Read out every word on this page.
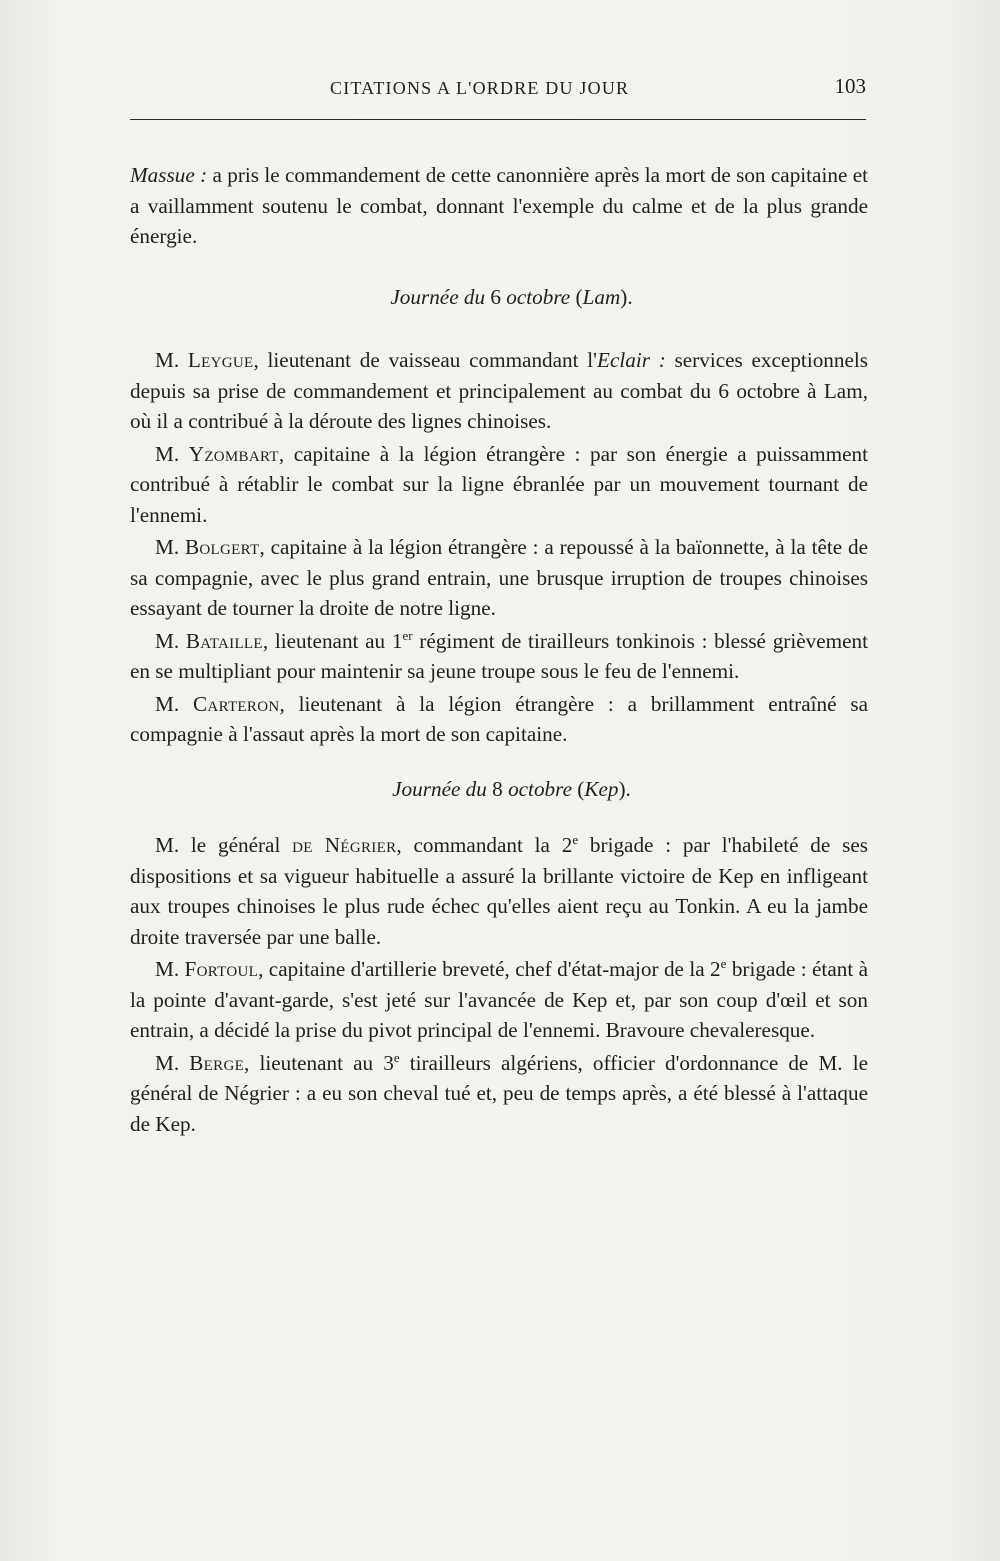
CITATIONS A L'ORDRE DU JOUR	103

Massue : a pris le commandement de cette canonnière après la mort de son capitaine et a vaillamment soutenu le combat, donnant l'exemple du calme et de la plus grande énergie.

Journée du 6 octobre (Lam).

M. Leygue, lieutenant de vaisseau commandant l'Eclair : services exceptionnels depuis sa prise de commandement et principalement au combat du 6 octobre à Lam, où il a contribué à la déroute des lignes chinoises.

M. Yzombart, capitaine à la légion étrangère : par son énergie a puissamment contribué à rétablir le combat sur la ligne ébranlée par un mouvement tournant de l'ennemi.

M. Bolgert, capitaine à la légion étrangère : a repoussé à la baïonnette, à la tête de sa compagnie, avec le plus grand entrain, une brusque irruption de troupes chinoises essayant de tourner la droite de notre ligne.

M. Bataille, lieutenant au 1er régiment de tirailleurs tonkinois : blessé grièvement en se multipliant pour maintenir sa jeune troupe sous le feu de l'ennemi.

M. Carteron, lieutenant à la légion étrangère : a brillamment entraîné sa compagnie à l'assaut après la mort de son capitaine.

Journée du 8 octobre (Kep).

M. le général de Négrier, commandant la 2e brigade : par l'habileté de ses dispositions et sa vigueur habituelle a assuré la brillante victoire de Kep en infligeant aux troupes chinoises le plus rude échec qu'elles aient reçu au Tonkin. A eu la jambe droite traversée par une balle.

M. Fortoul, capitaine d'artillerie breveté, chef d'état-major de la 2e brigade : étant à la pointe d'avant-garde, s'est jeté sur l'avancée de Kep et, par son coup d'œil et son entrain, a décidé la prise du pivot principal de l'ennemi. Bravoure chevaleresque.

M. Berge, lieutenant au 3e tirailleurs algériens, officier d'ordonnance de M. le général de Négrier : a eu son cheval tué et, peu de temps après, a été blessé à l'attaque de Kep.
